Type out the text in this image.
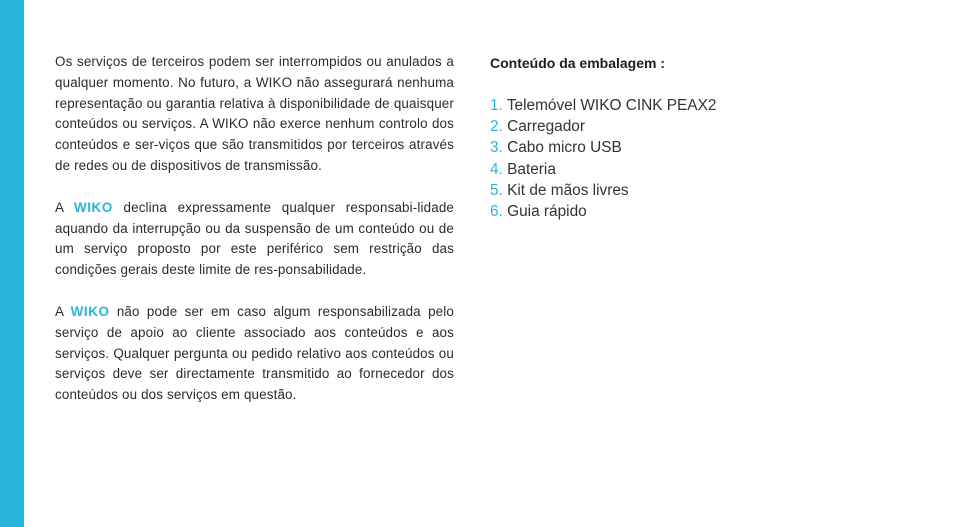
Os serviços de terceiros podem ser interrompidos ou anulados a qualquer momento. No futuro, a WIKO não assegurará nenhuma representação ou garantia relativa à disponibilidade de quaisquer conteúdos ou serviços. A WIKO não exerce nenhum controlo dos conteúdos e ser-viços que são transmitidos por terceiros através de redes ou de dispositivos de transmissão.

A WIKO declina expressamente qualquer responsabi-lidade aquando da interrupção ou da suspensão de um conteúdo ou de um serviço proposto por este periférico sem restrição das condições gerais deste limite de res-ponsabilidade.

A WIKO não pode ser em caso algum responsabilizada pelo serviço de apoio ao cliente associado aos conteúdos e aos serviços. Qualquer pergunta ou pedido relativo aos conteúdos ou serviços deve ser directamente transmitido ao fornecedor dos conteúdos ou dos serviços em questão.

Conteúdo da embalagem :
1. Telemóvel WIKO CINK PEAX2
2. Carregador
3. Cabo micro USB
4. Bateria
5. Kit de mãos livres
6. Guia rápido
